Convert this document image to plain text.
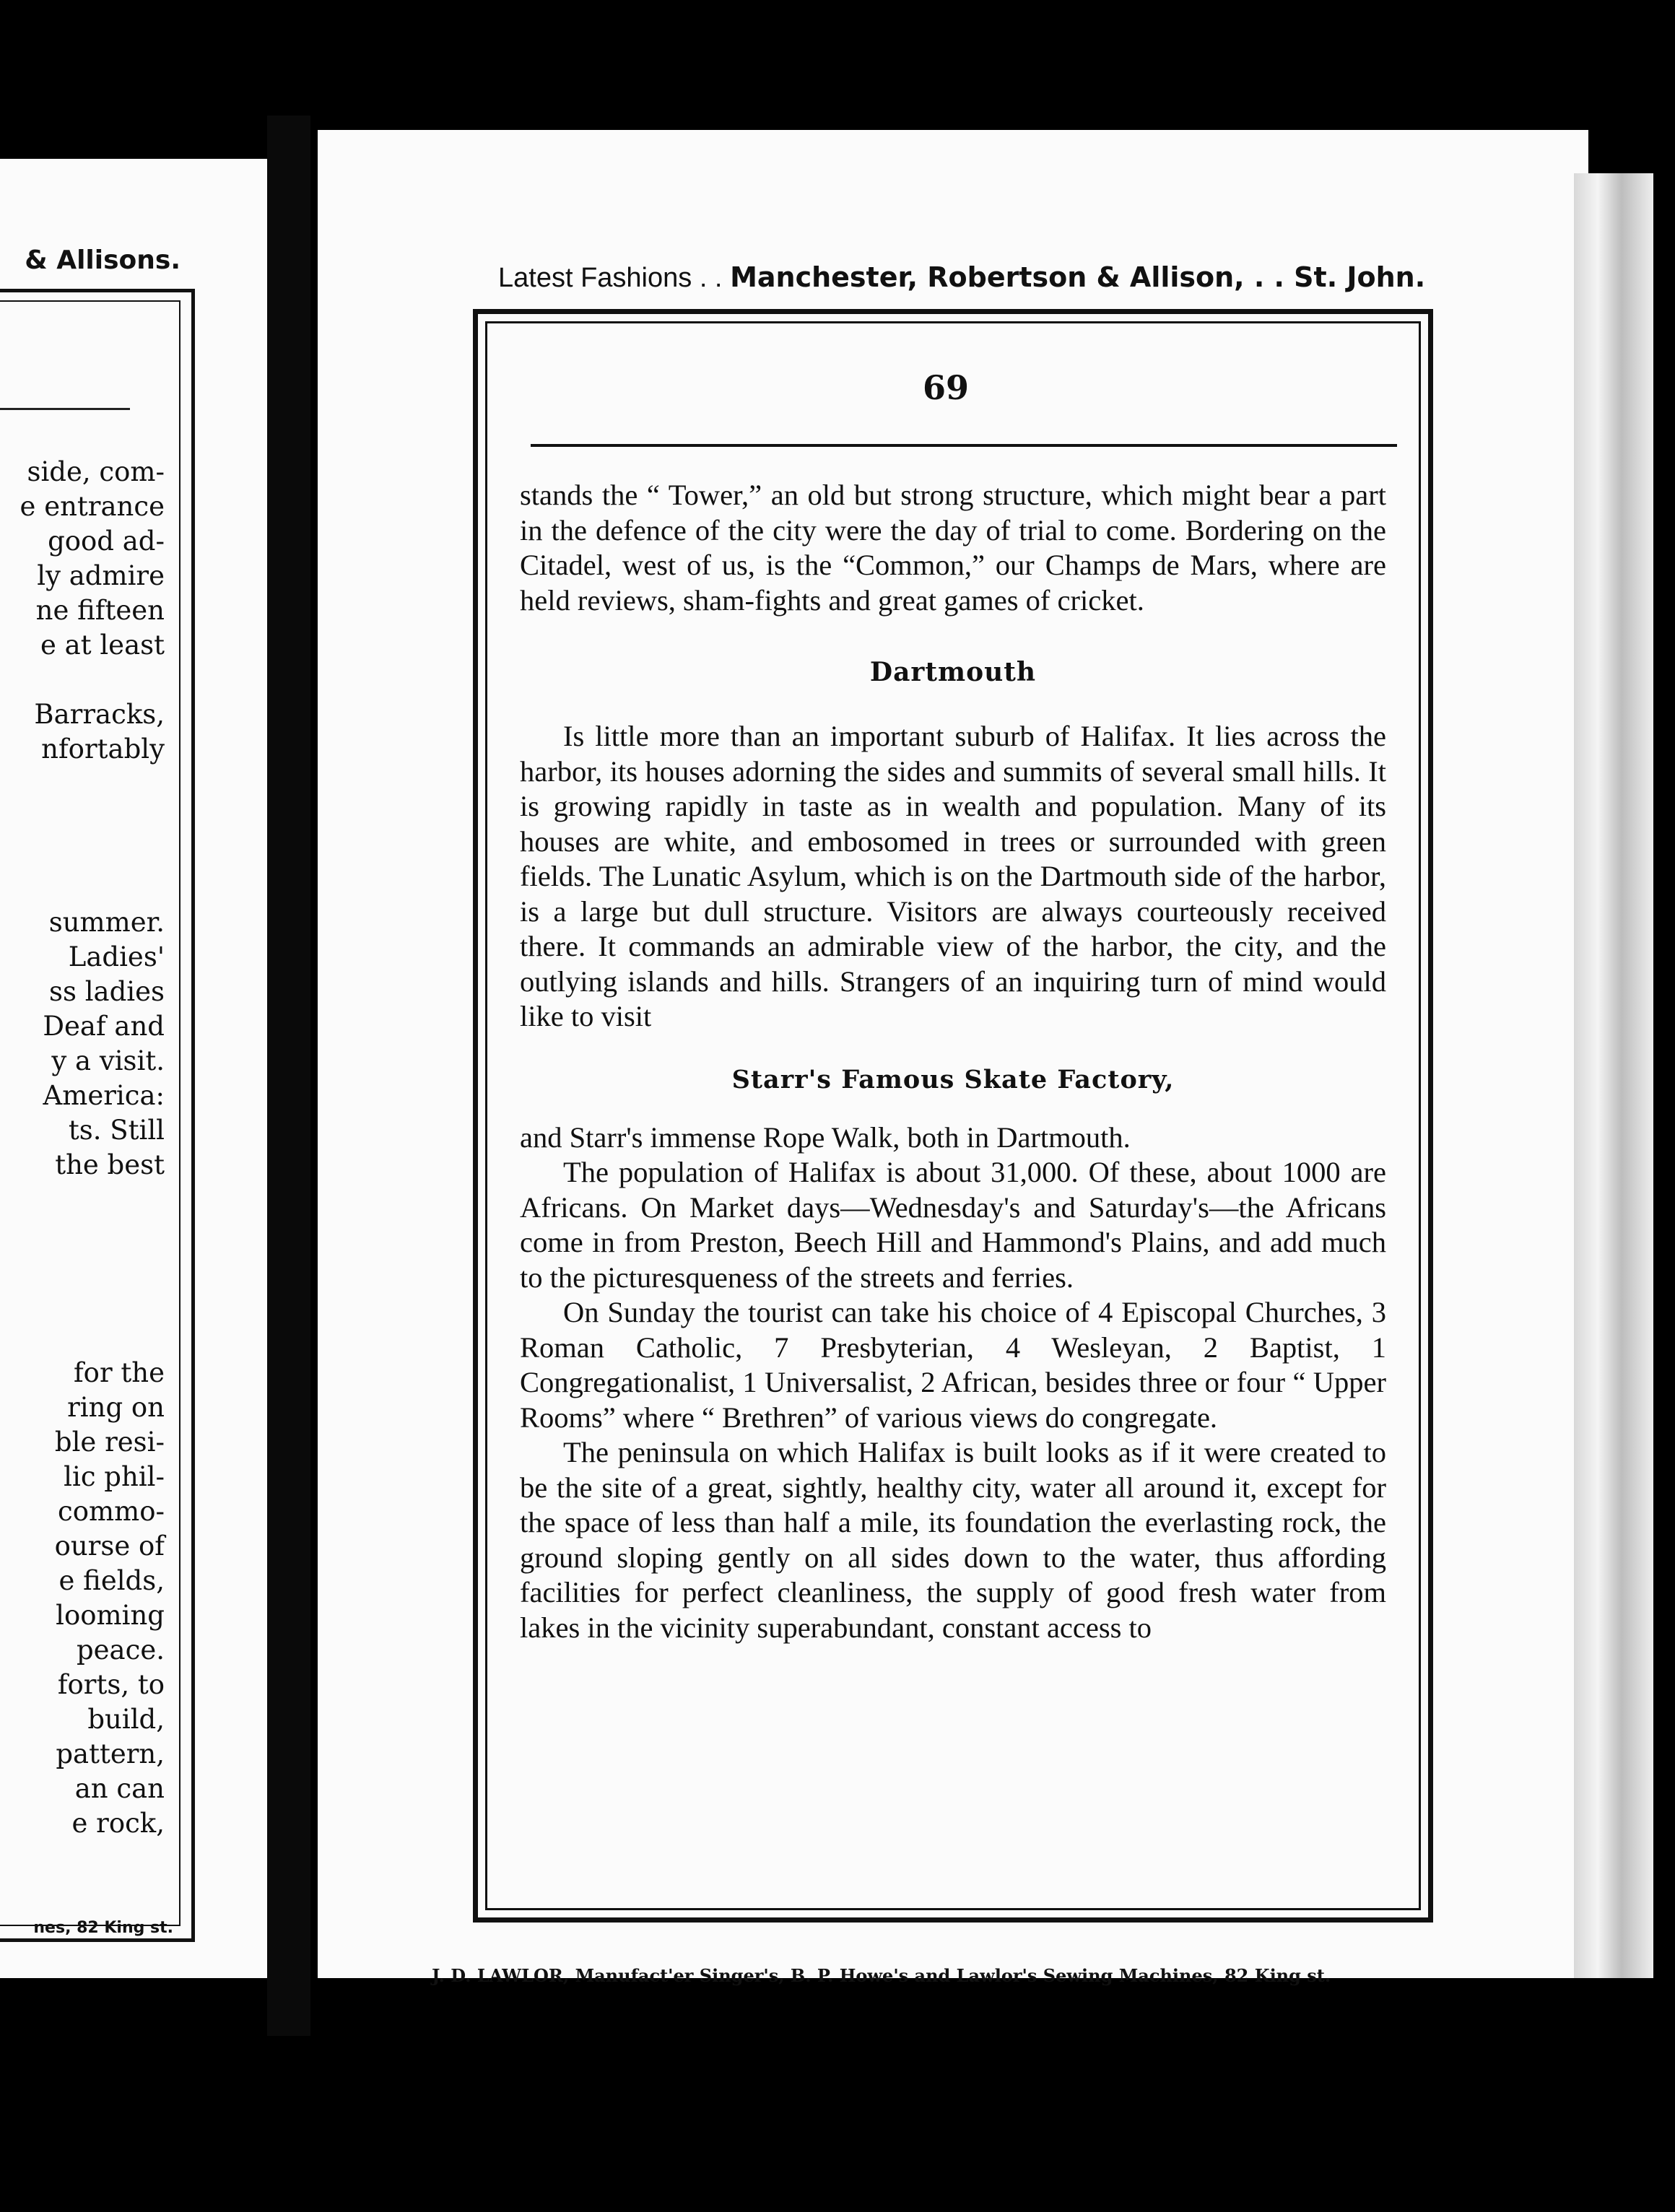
& Allisons.
side, com-
e entrance
good ad-
ly admire
ne fifteen
e at least
Barracks,
nfortably
summer.
Ladies'
ss ladies
Deaf and
y a visit.
America:
ts. Still
the best
for the
ring on
ble resi-
lic phil-
commo-
ourse of
e fields,
looming
peace.
forts, to
build,
pattern,
an can
e rock,
nes, 82 King st.
Latest Fashions . . Manchester, Robertson & Allison, . . St. John.
69

stands the “ Tower,” an old but strong structure, which might bear a part in the defence of the city were the day of trial to come. Bordering on the Citadel, west of us, is the “Common,” our Champs de Mars, where are held reviews, sham-fights and great games of cricket.

Dartmouth

Is little more than an important suburb of Halifax. It lies across the harbor, its houses adorning the sides and summits of several small hills. It is growing rapidly in taste as in wealth and population. Many of its houses are white, and embosomed in trees or surrounded with green fields. The Lunatic Asylum, which is on the Dartmouth side of the harbor, is a large but dull structure. Visitors are always courteously received there. It commands an admirable view of the harbor, the city, and the outlying islands and hills. Strangers of an inquiring turn of mind would like to visit

Starr's Famous Skate Factory,

and Starr's immense Rope Walk, both in Dartmouth.

The population of Halifax is about 31,000. Of these, about 1000 are Africans. On Market days—Wednesday's and Saturday's—the Africans come in from Preston, Beech Hill and Hammond's Plains, and add much to the picturesqueness of the streets and ferries.

On Sunday the tourist can take his choice of 4 Episcopal Churches, 3 Roman Catholic, 7 Presbyterian, 4 Wesleyan, 2 Baptist, 1 Congregationalist, 1 Universalist, 2 African, besides three or four “ Upper Rooms” where “ Brethren” of various views do congregate.

The peninsula on which Halifax is built looks as if it were created to be the site of a great, sightly, healthy city, water all around it, except for the space of less than half a mile, its foundation the everlasting rock, the ground sloping gently on all sides down to the water, thus affording facilities for perfect cleanliness, the supply of good fresh water from lakes in the vicinity superabundant, constant access to

J. D. LAWLOR, Manufact'er Singer's, B. P. Howe's and Lawlor's Sewing Machines, 82 King st.
